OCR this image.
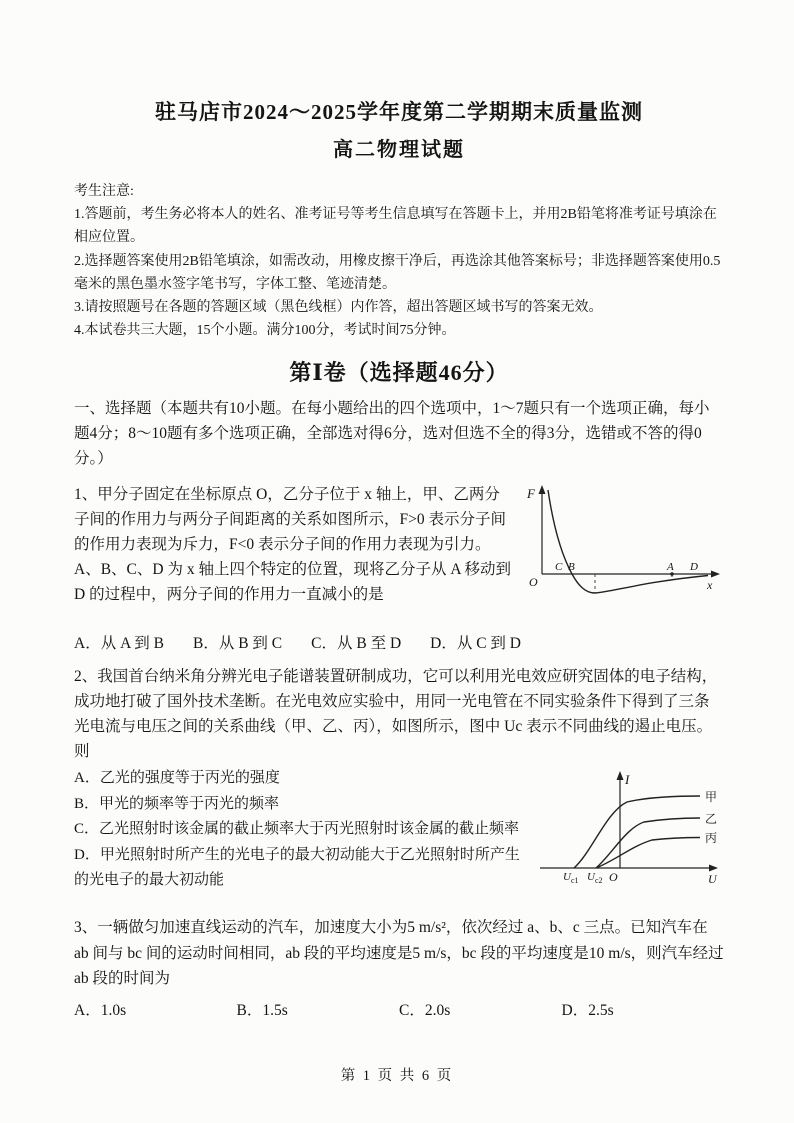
驻马店市2024～2025学年度第二学期期末质量监测
高二物理试题

考生注意:

1.答题前，考生务必将本人的姓名、准考证号等考生信息填写在答题卡上，并用2B铅笔将准考证号填涂在相应位置。

2.选择题答案使用2B铅笔填涂，如需改动，用橡皮擦干净后，再选涂其他答案标号；非选择题答案使用0.5毫米的黑色墨水签字笔书写，字体工整、笔迹清楚。

3.请按照题号在各题的答题区域（黑色线框）内作答，超出答题区域书写的答案无效。

4.本试卷共三大题，15个小题。满分100分，考试时间75分钟。

第Ⅰ卷（选择题46分）

一、选择题（本题共有10小题。在每小题给出的四个选项中，1～7题只有一个选项正确，每小题4分；8～10题有多个选项正确，全部选对得6分，选对但选不全的得3分，选错或不答的得0分。）

F
O
C B	A D
x

1、甲分子固定在坐标原点 O，乙分子位于 x 轴上，甲、乙两分子间的作用力与两分子间距离的关系如图所示，F>0 表示分子间的作用力表现为斥力，F<0 表示分子间的作用力表现为引力。A、B、C、D 为 x 轴上四个特定的位置，现将乙分子从 A 移动到 D 的过程中，两分子间的作用力一直减小的是

A．从 A 到 B B．从 B 到 C C．从 B 至 D D．从 C 到 D

2、我国首台纳米角分辨光电子能谱装置研制成功，它可以利用光电效应研究固体的电子结构，成功地打破了国外技术垄断。在光电效应实验中，用同一光电管在不同实验条件下得到了三条光电流与电压之间的关系曲线（甲、乙、丙），如图所示，图中 Uc 表示不同曲线的遏止电压。则

甲
乙
丙
I
U
O
$U_{c1}$ $U_{c2}$
A．乙光的强度等于丙光的强度
B．甲光的频率等于丙光的频率
C．乙光照射时该金属的截止频率大于丙光照射时该金属的截止频率
D．甲光照射时所产生的光电子的最大初动能大于乙光照射时所产生的光电子的最大初动能

3、一辆做匀加速直线运动的汽车，加速度大小为5 m/s²，依次经过 a、b、c 三点。已知汽车在 ab 间与 bc 间的运动时间相同，ab 段的平均速度是5 m/s，bc 段的平均速度是10 m/s，则汽车经过 ab 段的时间为

A．1.0s	B．1.5s	C．2.0s	D．2.5s
第 1 页 共 6 页
